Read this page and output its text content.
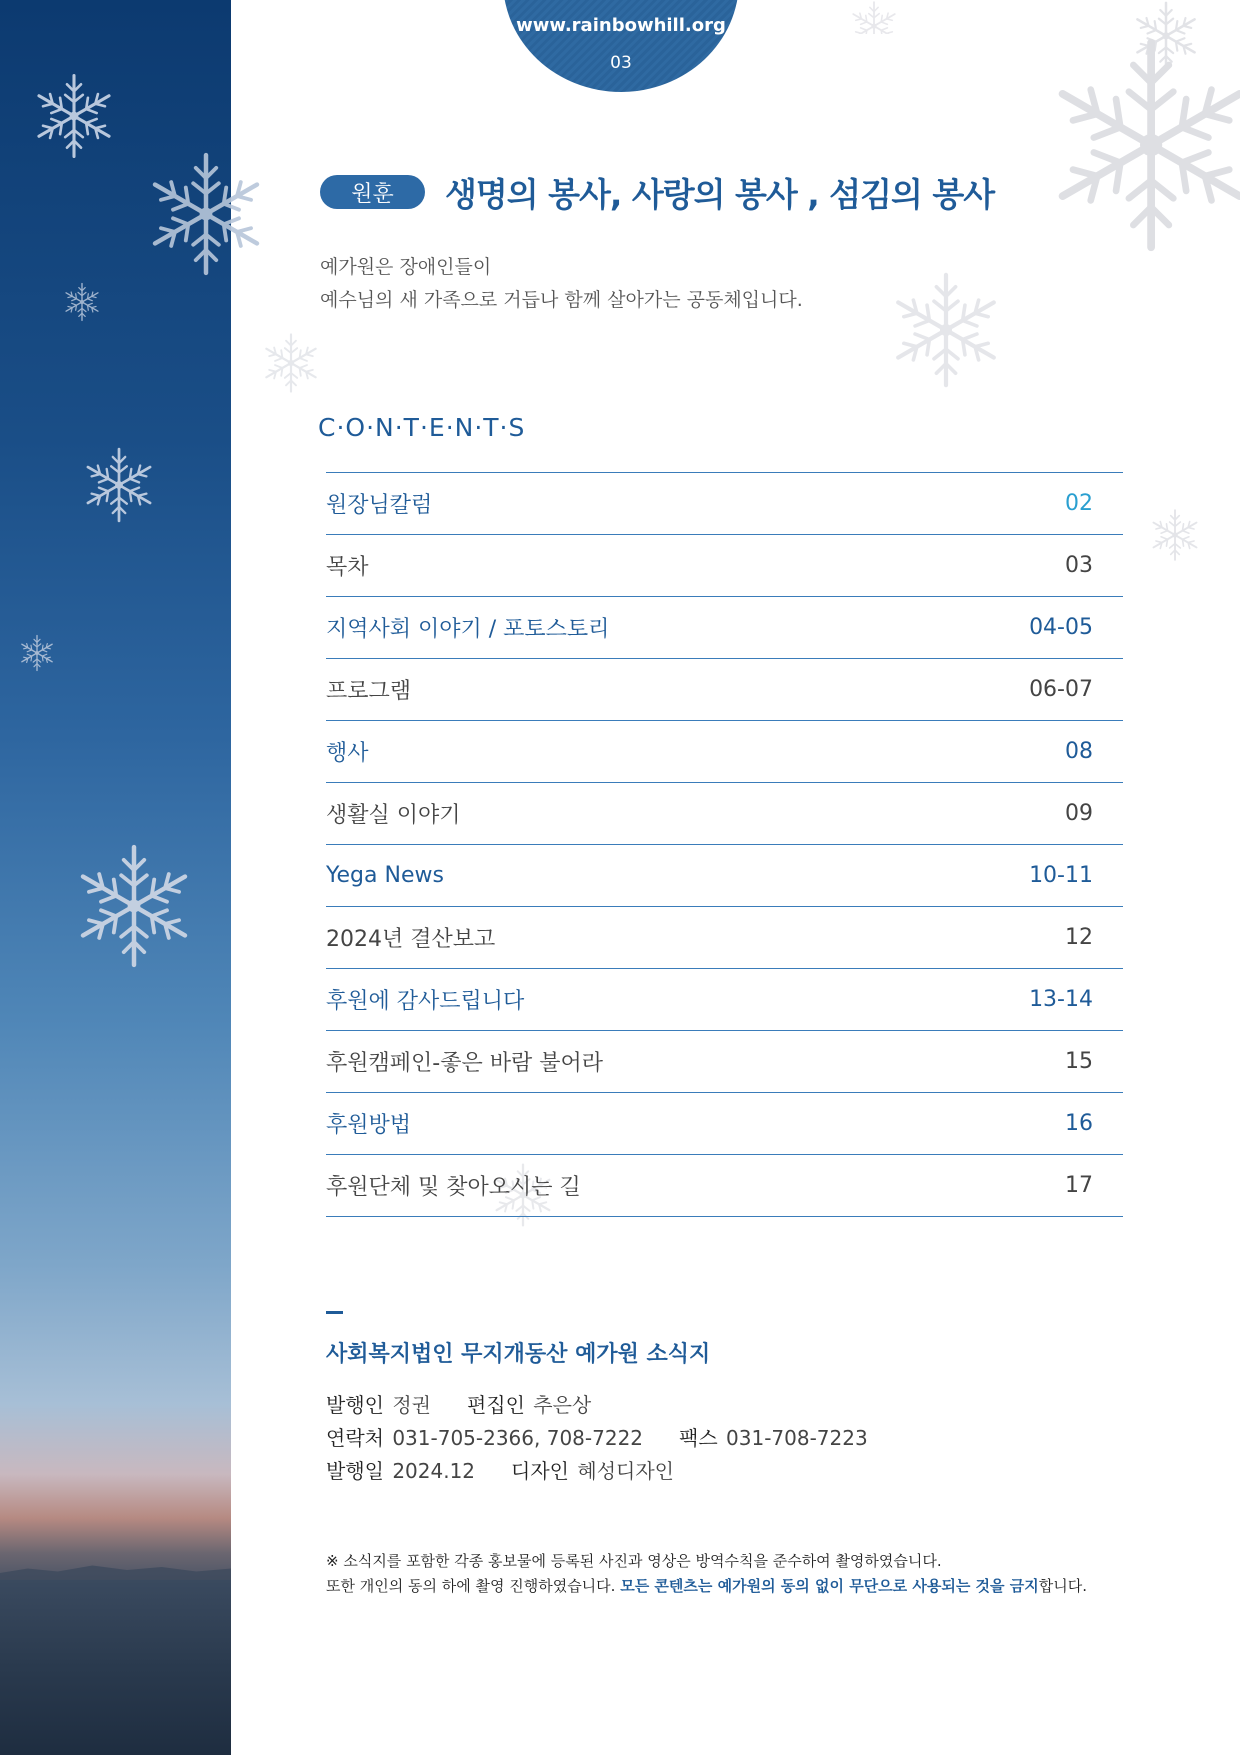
www.rainbowhill.org
03
원훈	생명의 봉사, 사랑의 봉사 , 섬김의 봉사

예가원은 장애인들이

예수님의 새 가족으로 거듭나 함께 살아가는 공동체입니다.

C·O·N·T·E·N·T·S
원장님칼럼	02
목차	03
지역사회 이야기 / 포토스토리	04-05
프로그램	06-07
행사	08
생활실 이야기	09
Yega News	10-11
2024년 결산보고	12
후원에 감사드립니다	13-14
후원캠페인-좋은 바람 불어라	15
후원방법	16
후원단체 및 찾아오시는 길	17
사회복지법인 무지개동산 예가원 소식지
발행인
정권 편집인
추은상
연락처
031-705-2366, 708-7222 팩스
031-708-7223
발행일
2024.12 디자인
혜성디자인

※ 소식지를 포함한 각종 홍보물에 등록된 사진과 영상은 방역수칙을 준수하여 촬영하였습니다.

또한 개인의 동의 하에 촬영 진행하였습니다. 모든 콘텐츠는 예가원의 동의 없이 무단으로 사용되는 것을 금지합니다.
